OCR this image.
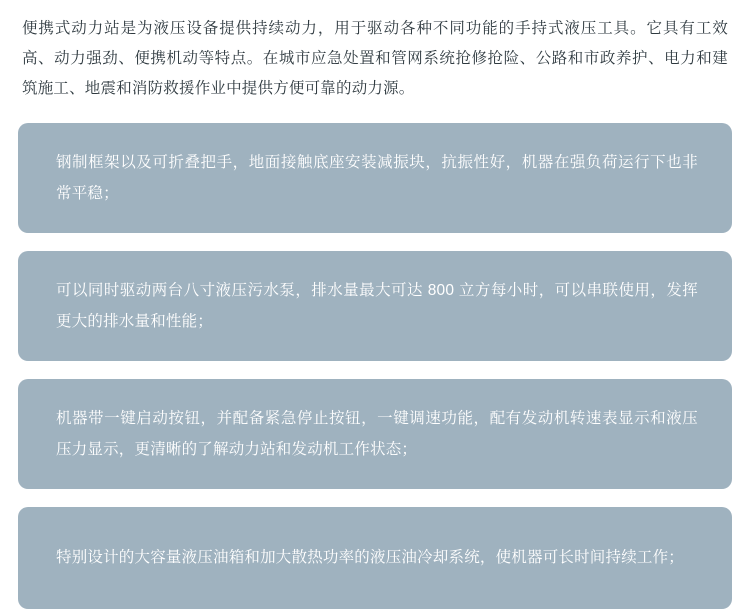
便携式动力站是为液压设备提供持续动力，用于驱动各种不同功能的手持式液压工具。它具有工效高、动力强劲、便携机动等特点。在城市应急处置和管网系统抢修抢险、公路和市政养护、电力和建筑施工、地震和消防救援作业中提供方便可靠的动力源。

钢制框架以及可折叠把手，地面接触底座安装减振块，抗振性好，机器在强负荷运行下也非常平稳；
可以同时驱动两台八寸液压污水泵，排水量最大可达 800 立方每小时，可以串联使用，发挥更大的排水量和性能；
机器带一键启动按钮，并配备紧急停止按钮，一键调速功能，配有发动机转速表显示和液压压力显示，更清晰的了解动力站和发动机工作状态；
特别设计的大容量液压油箱和加大散热功率的液压油冷却系统，使机器可长时间持续工作；
